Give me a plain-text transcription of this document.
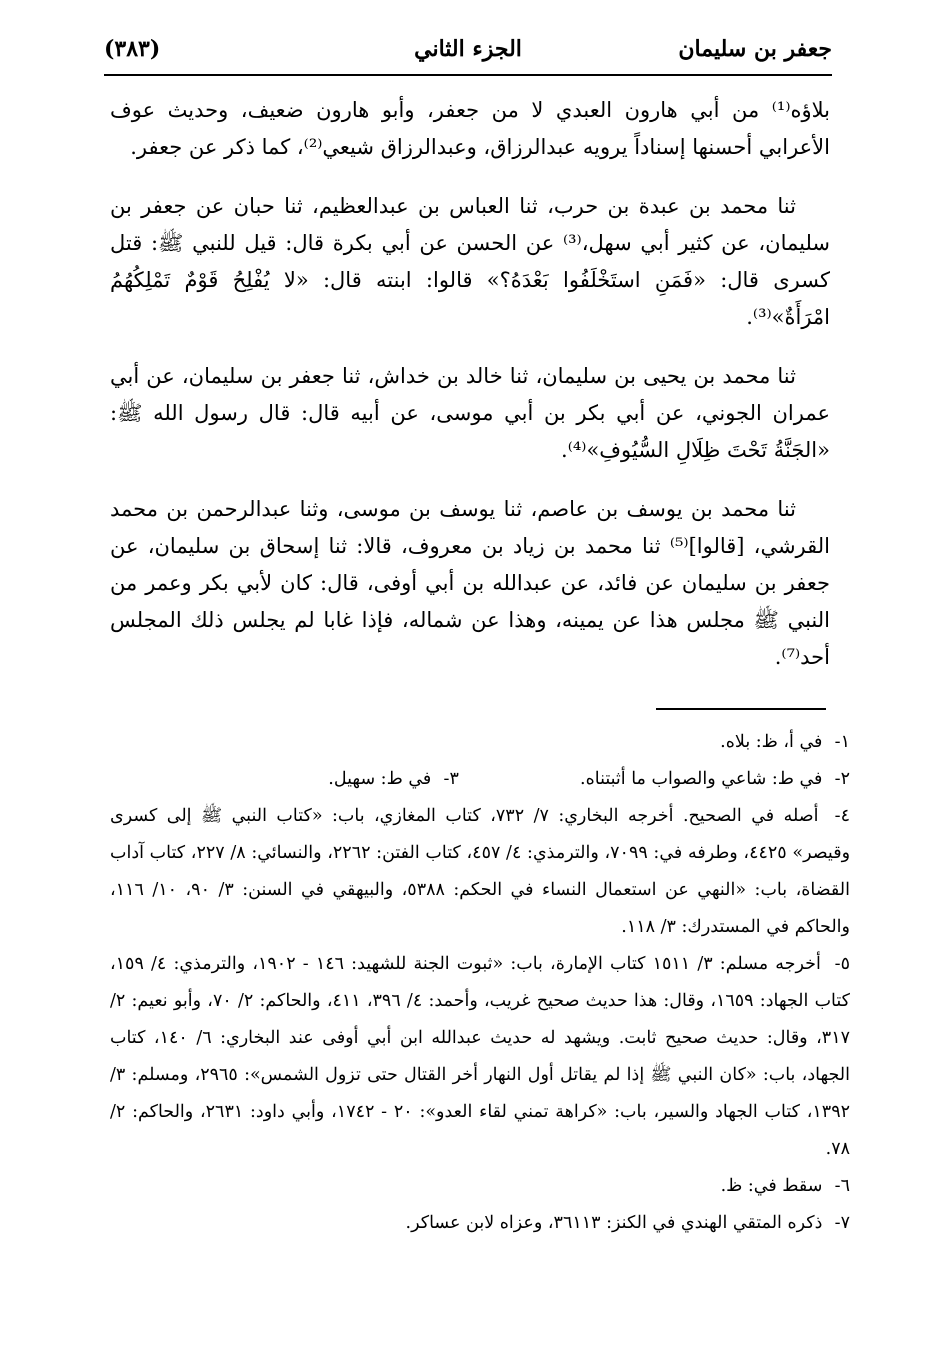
(٣٨٣)	الجزء الثاني	جعفر بن سليمان

بلاؤه⁽¹⁾ من أبي هارون العبدي لا من جعفر، وأبو هارون ضعيف، وحديث عوف الأعرابي أحسنها إسناداً يرويه عبدالرزاق، وعبدالرزاق شيعي⁽²⁾، كما ذكر عن جعفر.

ثنا محمد بن عبدة بن حرب، ثنا العباس بن عبدالعظيم، ثنا حبان عن جعفر بن سليمان، عن كثير أبي سهل،⁽³⁾ عن الحسن عن أبي بكرة قال: قيل للنبي ﷺ: قتل كسرى قال: «فَمَنِ استَخْلَفُوا بَعْدَهُ؟» قالوا: ابنته قال: «لا يُفْلِحُ قَوْمٌ تَمْلِكُهُمُ امْرَأَةٌ»⁽³⁾.

ثنا محمد بن يحيى بن سليمان، ثنا خالد بن خداش، ثنا جعفر بن سليمان، عن أبي عمران الجوني، عن أبي بكر بن أبي موسى، عن أبيه قال: قال رسول الله ﷺ: «الجَنَّةُ تَحْتَ ظِلَالِ السُّيُوفِ»⁽⁴⁾.

ثنا محمد بن يوسف بن عاصم، ثنا يوسف بن موسى، وثنا عبدالرحمن بن محمد القرشي، [قالوا]⁽⁵⁾ ثنا محمد بن زياد بن معروف، قالا: ثنا إسحاق بن سليمان، عن جعفر بن سليمان عن فائد، عن عبدالله بن أبي أوفى، قال: كان لأبي بكر وعمر من النبي ﷺ مجلس هذا عن يمينه، وهذا عن شماله، فإذا غابا لم يجلس ذلك المجلس أحد⁽⁷⁾.

١- في أ، ظ: بلاه.
٢- في ط: شاعي والصواب ما أثبتناه.  ٣- في ط: سهيل.
٤- أصله في الصحيح. أخرجه البخاري: ٧/ ٧٣٢، كتاب المغازي، باب: «كتاب النبي ﷺ إلى كسرى وقيصر» ٤٤٢٥، وطرفه في: ٧٠٩٩، والترمذي: ٤/ ٤٥٧، كتاب الفتن: ٢٢٦٢، والنسائي: ٨/ ٢٢٧، كتاب آداب القضاة، باب: «النهي عن استعمال النساء في الحكم: ٥٣٨٨، والبيهقي في السنن: ٣/ ٩٠، ١٠/ ١١٦، والحاكم في المستدرك: ٣/ ١١٨.
٥- أخرجه مسلم: ٣/ ١٥١١ كتاب الإمارة، باب: «ثبوت الجنة للشهيد: ١٤٦ - ١٩٠٢، والترمذي: ٤/ ١٥٩، كتاب الجهاد: ١٦٥٩، وقال: هذا حديث صحيح غريب، وأحمد: ٤/ ٣٩٦، ٤١١، والحاكم: ٢/ ٧٠، وأبو نعيم: ٢/ ٣١٧، وقال: حديث صحيح ثابت. ويشهد له حديث عبدالله ابن أبي أوفى عند البخاري: ٦/ ١٤٠، كتاب الجهاد، باب: «كان النبي ﷺ إذا لم يقاتل أول النهار أخر القتال حتى تزول الشمس»: ٢٩٦٥، ومسلم: ٣/ ١٣٩٢، كتاب الجهاد والسير، باب: «كراهة تمني لقاء العدو»: ٢٠ - ١٧٤٢، وأبي داود: ٢٦٣١، والحاكم: ٢/ ٧٨.
٦- سقط في: ظ.
٧- ذكره المتقي الهندي في الكنز: ٣٦١١٣، وعزاه لابن عساكر.
